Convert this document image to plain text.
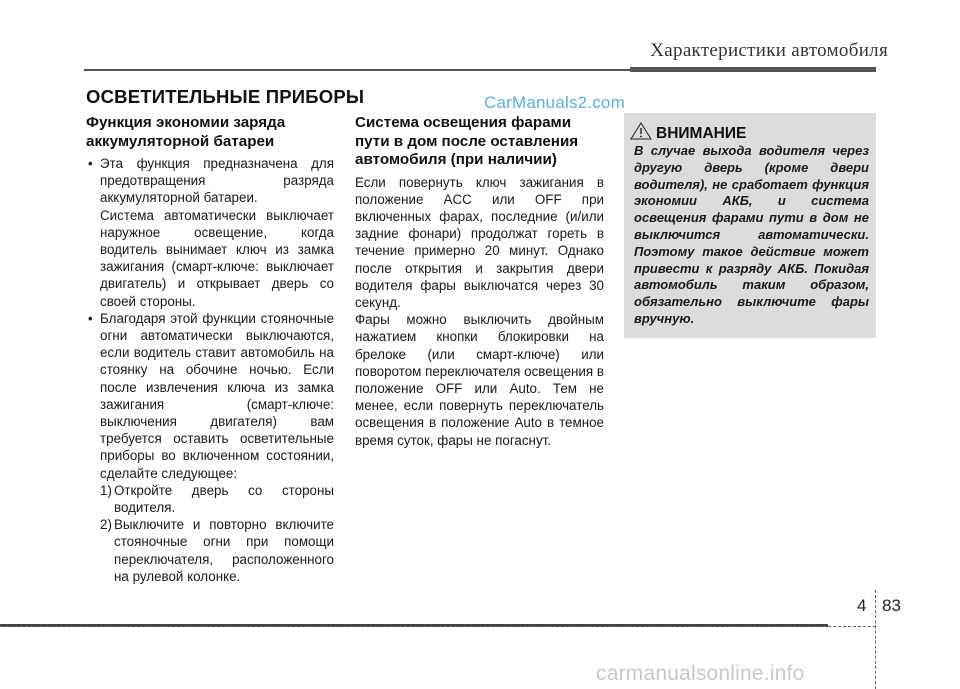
Характеристики автомобиля
ОСВЕТИТЕЛЬНЫЕ ПРИБОРЫ	CarManuals2.com
Функция экономии заряда
аккумуляторной батареи
• Эта функция предназначена для
предотвращения разряда
аккумуляторной батареи.
Система автоматически выключает наружное освещение, когда водитель вынимает ключ из замка зажигания (смарт-ключе: выключает двигатель) и открывает дверь со своей стороны.
• Благодаря этой функции стояночные огни автоматически выключаются, если водитель ставит автомобиль на стоянку на обочине ночью. Если после извлечения ключа из замка зажигания (смарт-ключе: выключения двигателя) вам требуется оставить осветительные приборы во включенном состоянии, сделайте следующее:
1) Откройте дверь со стороны водителя.
2) Выключите и повторно включите стояночные огни при помощи переключателя, расположенного на рулевой колонке.
Система освещения фарами
пути в дом после оставления
автомобиля (при наличии)
Если повернуть ключ зажигания в положение ACC или OFF при включенных фарах, последние (и/или задние фонари) продолжат гореть в течение примерно 20 минут. Однако после открытия и закрытия двери водителя фары выключатся через 30 секунд.
Фары можно выключить двойным нажатием кнопки блокировки на брелоке (или смарт-ключе) или поворотом переключателя освещения в положение OFF или Auto. Тем не менее, если повернуть переключатель освещения в положение Auto в темное время суток, фары не погаснут.
ВНИМАНИЕ
В случае выхода водителя через другую дверь (кроме двери водителя), не сработает функция экономии АКБ, и система освещения фарами пути в дом не выключится автоматически. Поэтому такое действие может привести к разряду АКБ. Покидая автомобиль таким образом, обязательно выключите фары вручную.
4 83
carmanualsonline.info
